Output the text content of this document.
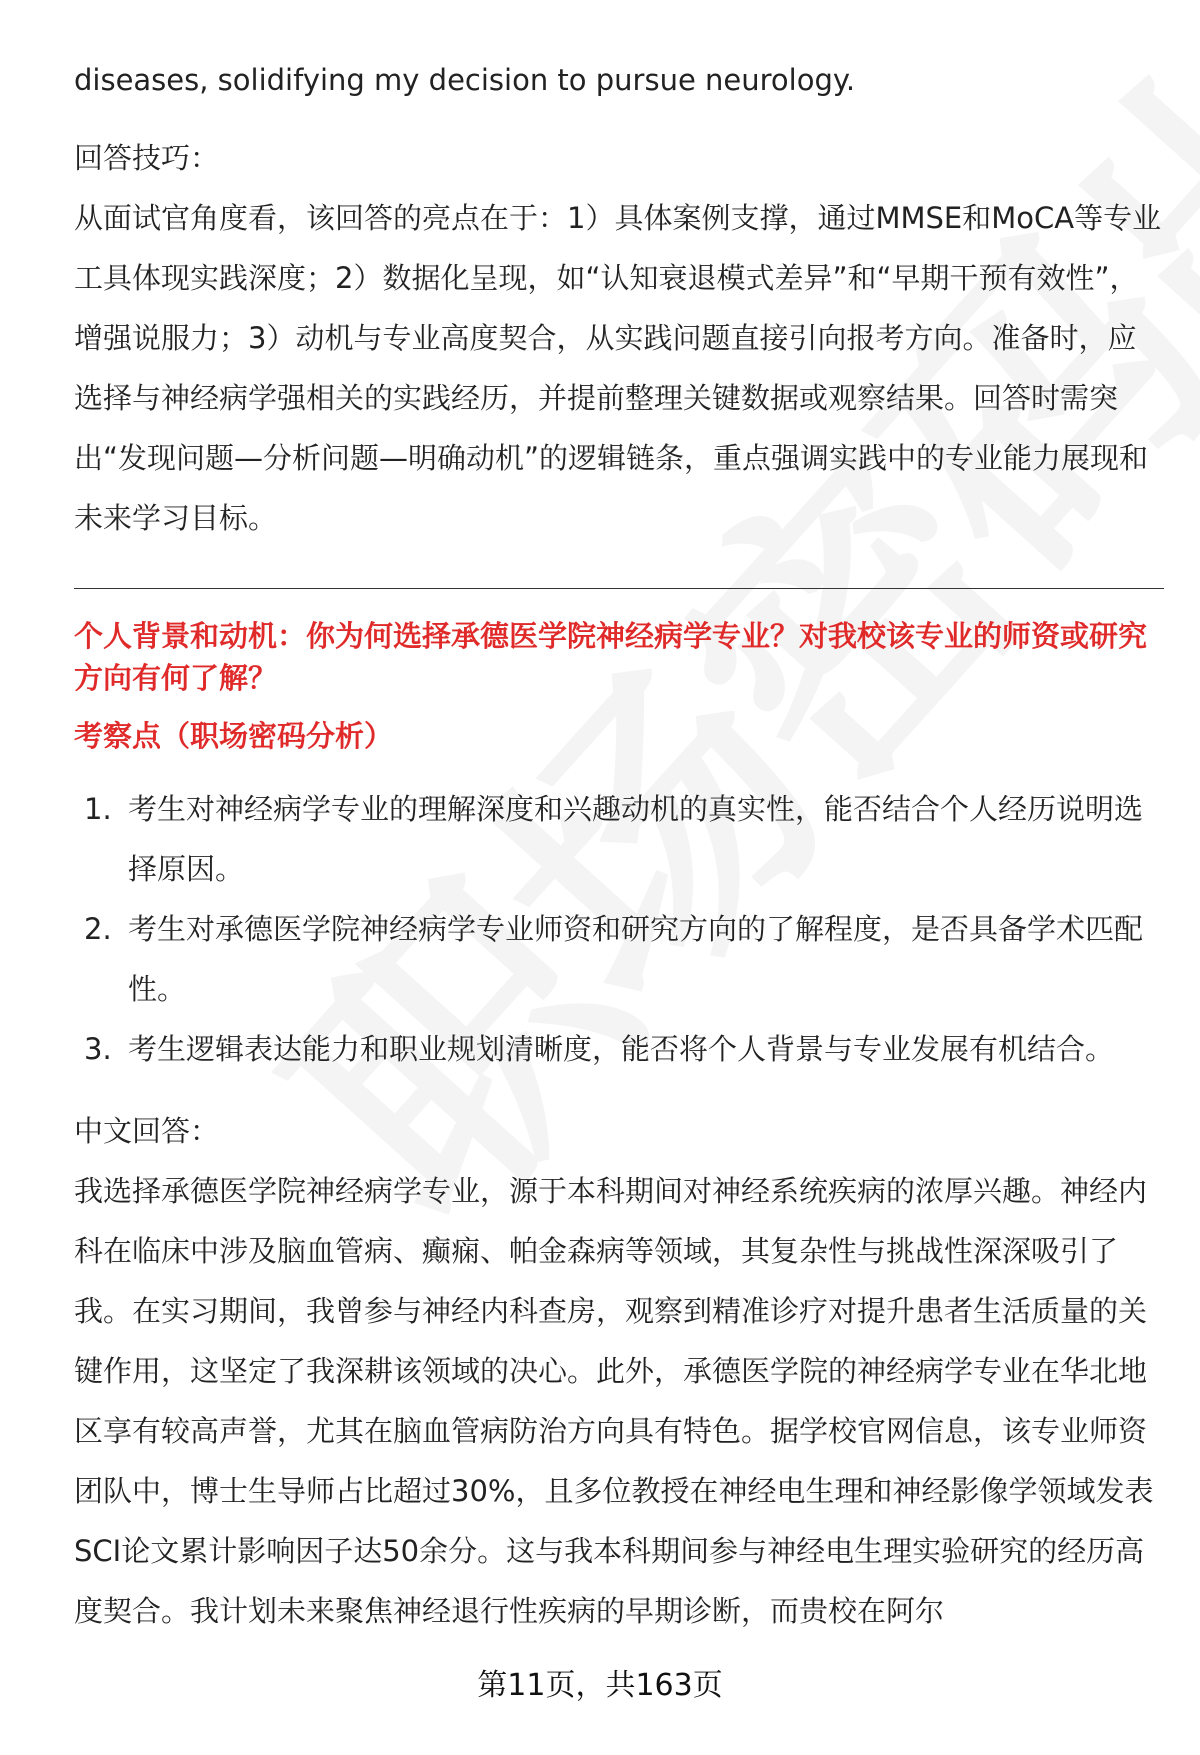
diseases, solidifying my decision to pursue neurology.

回答技巧：

从面试官角度看，该回答的亮点在于：1）具体案例支撑，通过MMSE和MoCA等专业工具体现实践深度；2）数据化呈现，如“认知衰退模式差异”和“早期干预有效性”，增强说服力；3）动机与专业高度契合，从实践问题直接引向报考方向。准备时，应选择与神经病学强相关的实践经历，并提前整理关键数据或观察结果。回答时需突出“发现问题—分析问题—明确动机”的逻辑链条，重点强调实践中的专业能力展现和未来学习目标。

个人背景和动机：你为何选择承德医学院神经病学专业？对我校该专业的师资或研究方向有何了解？
考察点（职场密码分析）
1. 考生对神经病学专业的理解深度和兴趣动机的真实性，能否结合个人经历说明选择原因。
2. 考生对承德医学院神经病学专业师资和研究方向的了解程度，是否具备学术匹配性。
3. 考生逻辑表达能力和职业规划清晰度，能否将个人背景与专业发展有机结合。

中文回答：

我选择承德医学院神经病学专业，源于本科期间对神经系统疾病的浓厚兴趣。神经内科在临床中涉及脑血管病、癫痫、帕金森病等领域，其复杂性与挑战性深深吸引了我。在实习期间，我曾参与神经内科查房，观察到精准诊疗对提升患者生活质量的关键作用，这坚定了我深耕该领域的决心。此外，承德医学院的神经病学专业在华北地区享有较高声誉，尤其在脑血管病防治方向具有特色。据学校官网信息，该专业师资团队中，博士生导师占比超过30%，且多位教授在神经电生理和神经影像学领域发表SCI论文累计影响因子达50余分。这与我本科期间参与神经电生理实验研究的经历高度契合。我计划未来聚焦神经退行性疾病的早期诊断，而贵校在阿尔

第11页，共163页
